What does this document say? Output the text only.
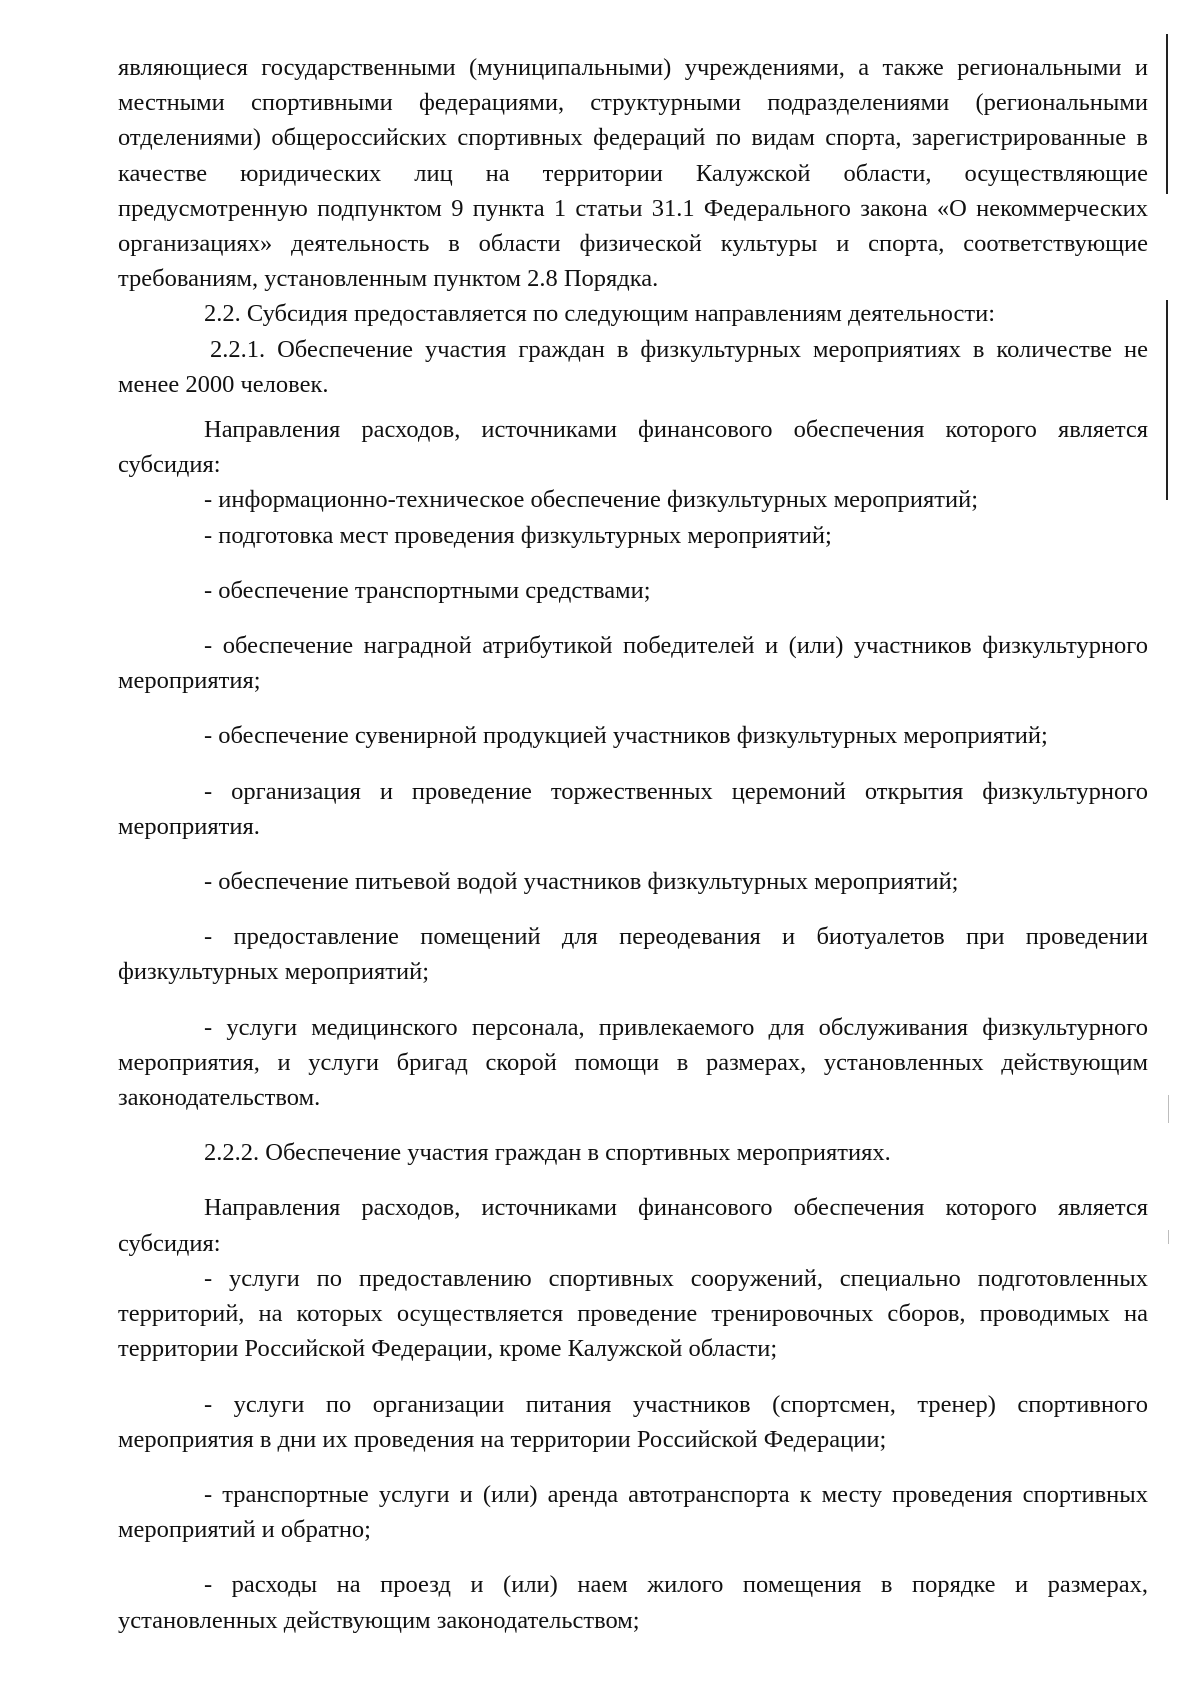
являющиеся государственными (муниципальными) учреждениями, а также региональными и местными спортивными федерациями, структурными подразделениями (региональными отделениями) общероссийских спортивных федераций по видам спорта, зарегистрированные в качестве юридических лиц на территории Калужской области, осуществляющие предусмотренную подпунктом 9 пункта 1 статьи 31.1 Федерального закона «О некоммерческих организациях» деятельность в области физической культуры и спорта, соответствующие требованиям, установленным пунктом 2.8 Порядка.

2.2. Субсидия предоставляется по следующим направлениям деятельности:

2.2.1. Обеспечение участия граждан в физкультурных мероприятиях в количестве не менее 2000 человек.

Направления расходов, источниками финансового обеспечения которого является субсидия:

- информационно-техническое обеспечение физкультурных мероприятий;

- подготовка мест проведения физкультурных мероприятий;

- обеспечение транспортными средствами;

- обеспечение наградной атрибутикой победителей и (или) участников физкультурного мероприятия;

- обеспечение сувенирной продукцией участников физкультурных мероприятий;

- организация и проведение торжественных церемоний открытия физкультурного мероприятия.

- обеспечение питьевой водой участников физкультурных мероприятий;

- предоставление помещений для переодевания и биотуалетов при проведении физкультурных мероприятий;

- услуги медицинского персонала, привлекаемого для обслуживания физкультурного мероприятия, и услуги бригад скорой помощи в размерах, установленных действующим законодательством.

2.2.2. Обеспечение участия граждан в спортивных мероприятиях.

Направления расходов, источниками финансового обеспечения которого является субсидия:

- услуги по предоставлению спортивных сооружений, специально подготовленных территорий, на которых осуществляется проведение тренировочных сборов, проводимых на территории Российской Федерации, кроме Калужской области;

- услуги по организации питания участников (спортсмен, тренер) спортивного мероприятия в дни их проведения на территории Российской Федерации;

- транспортные услуги и (или) аренда автотранспорта к месту проведения спортивных мероприятий и обратно;

- расходы на проезд и (или) наем жилого помещения в порядке и размерах, установленных действующим законодательством;
